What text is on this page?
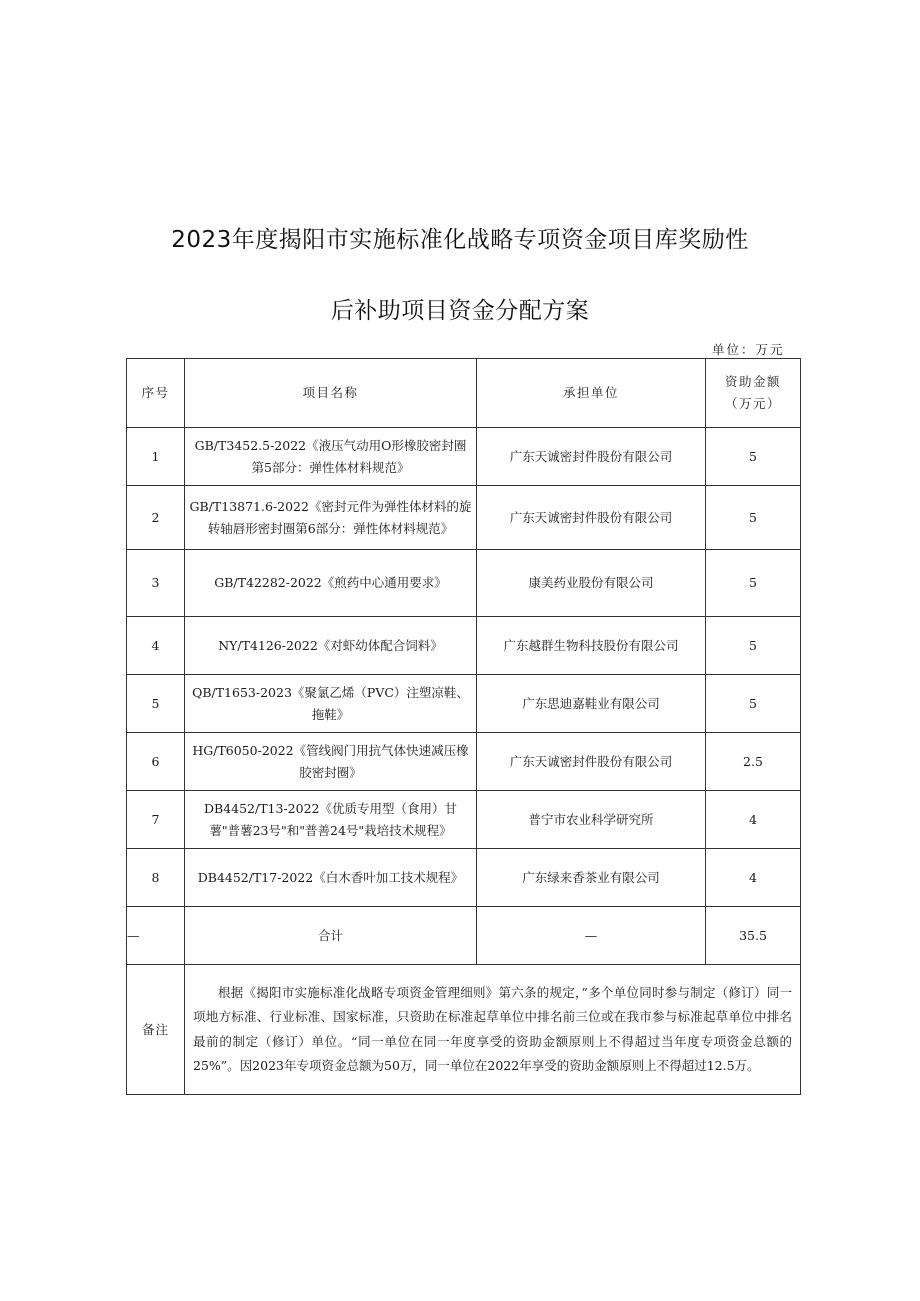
2023年度揭阳市实施标准化战略专项资金项目库奖励性
后补助项目资金分配方案
单位：万元
序号	项目名称	承担单位	资助金额（万元）
1	GB/T3452.5-2022《液压气动用O形橡胶密封圈第5部分：弹性体材料规范》	广东天诚密封件股份有限公司	5
2	GB/T13871.6-2022《密封元件为弹性体材料的旋转轴唇形密封圈第6部分：弹性体材料规范》	广东天诚密封件股份有限公司	5
3	GB/T42282-2022《煎药中心通用要求》	康美药业股份有限公司	5
4	NY/T4126-2022《对虾幼体配合饲料》	广东越群生物科技股份有限公司	5
5	QB/T1653-2023《聚氯乙烯（PVC）注塑凉鞋、拖鞋》	广东思迪嘉鞋业有限公司	5
6	HG/T6050-2022《管线阀门用抗气体快速减压橡胶密封圈》	广东天诚密封件股份有限公司	2.5
7	DB4452/T13-2022《优质专用型（食用）甘薯"普薯23号"和"普善24号"栽培技术规程》	普宁市农业科学研究所	4
8	DB4452/T17-2022《白木香叶加工技术规程》	广东绿来香茶业有限公司	4
—	合计	—	35.5
备注	根据《揭阳市实施标准化战略专项资金管理细则》第六条的规定，”多个单位同时参与制定（修订）同一项地方标准、行业标准、国家标准，只资助在标准起草单位中排名前三位或在我市参与标准起草单位中排名最前的制定（修订）单位。“同一单位在同一年度享受的资助金额原则上不得超过当年度专项资金总额的25%”。因2023年专项资金总额为50万，同一单位在2022年享受的资助金额原则上不得超过12.5万。		
